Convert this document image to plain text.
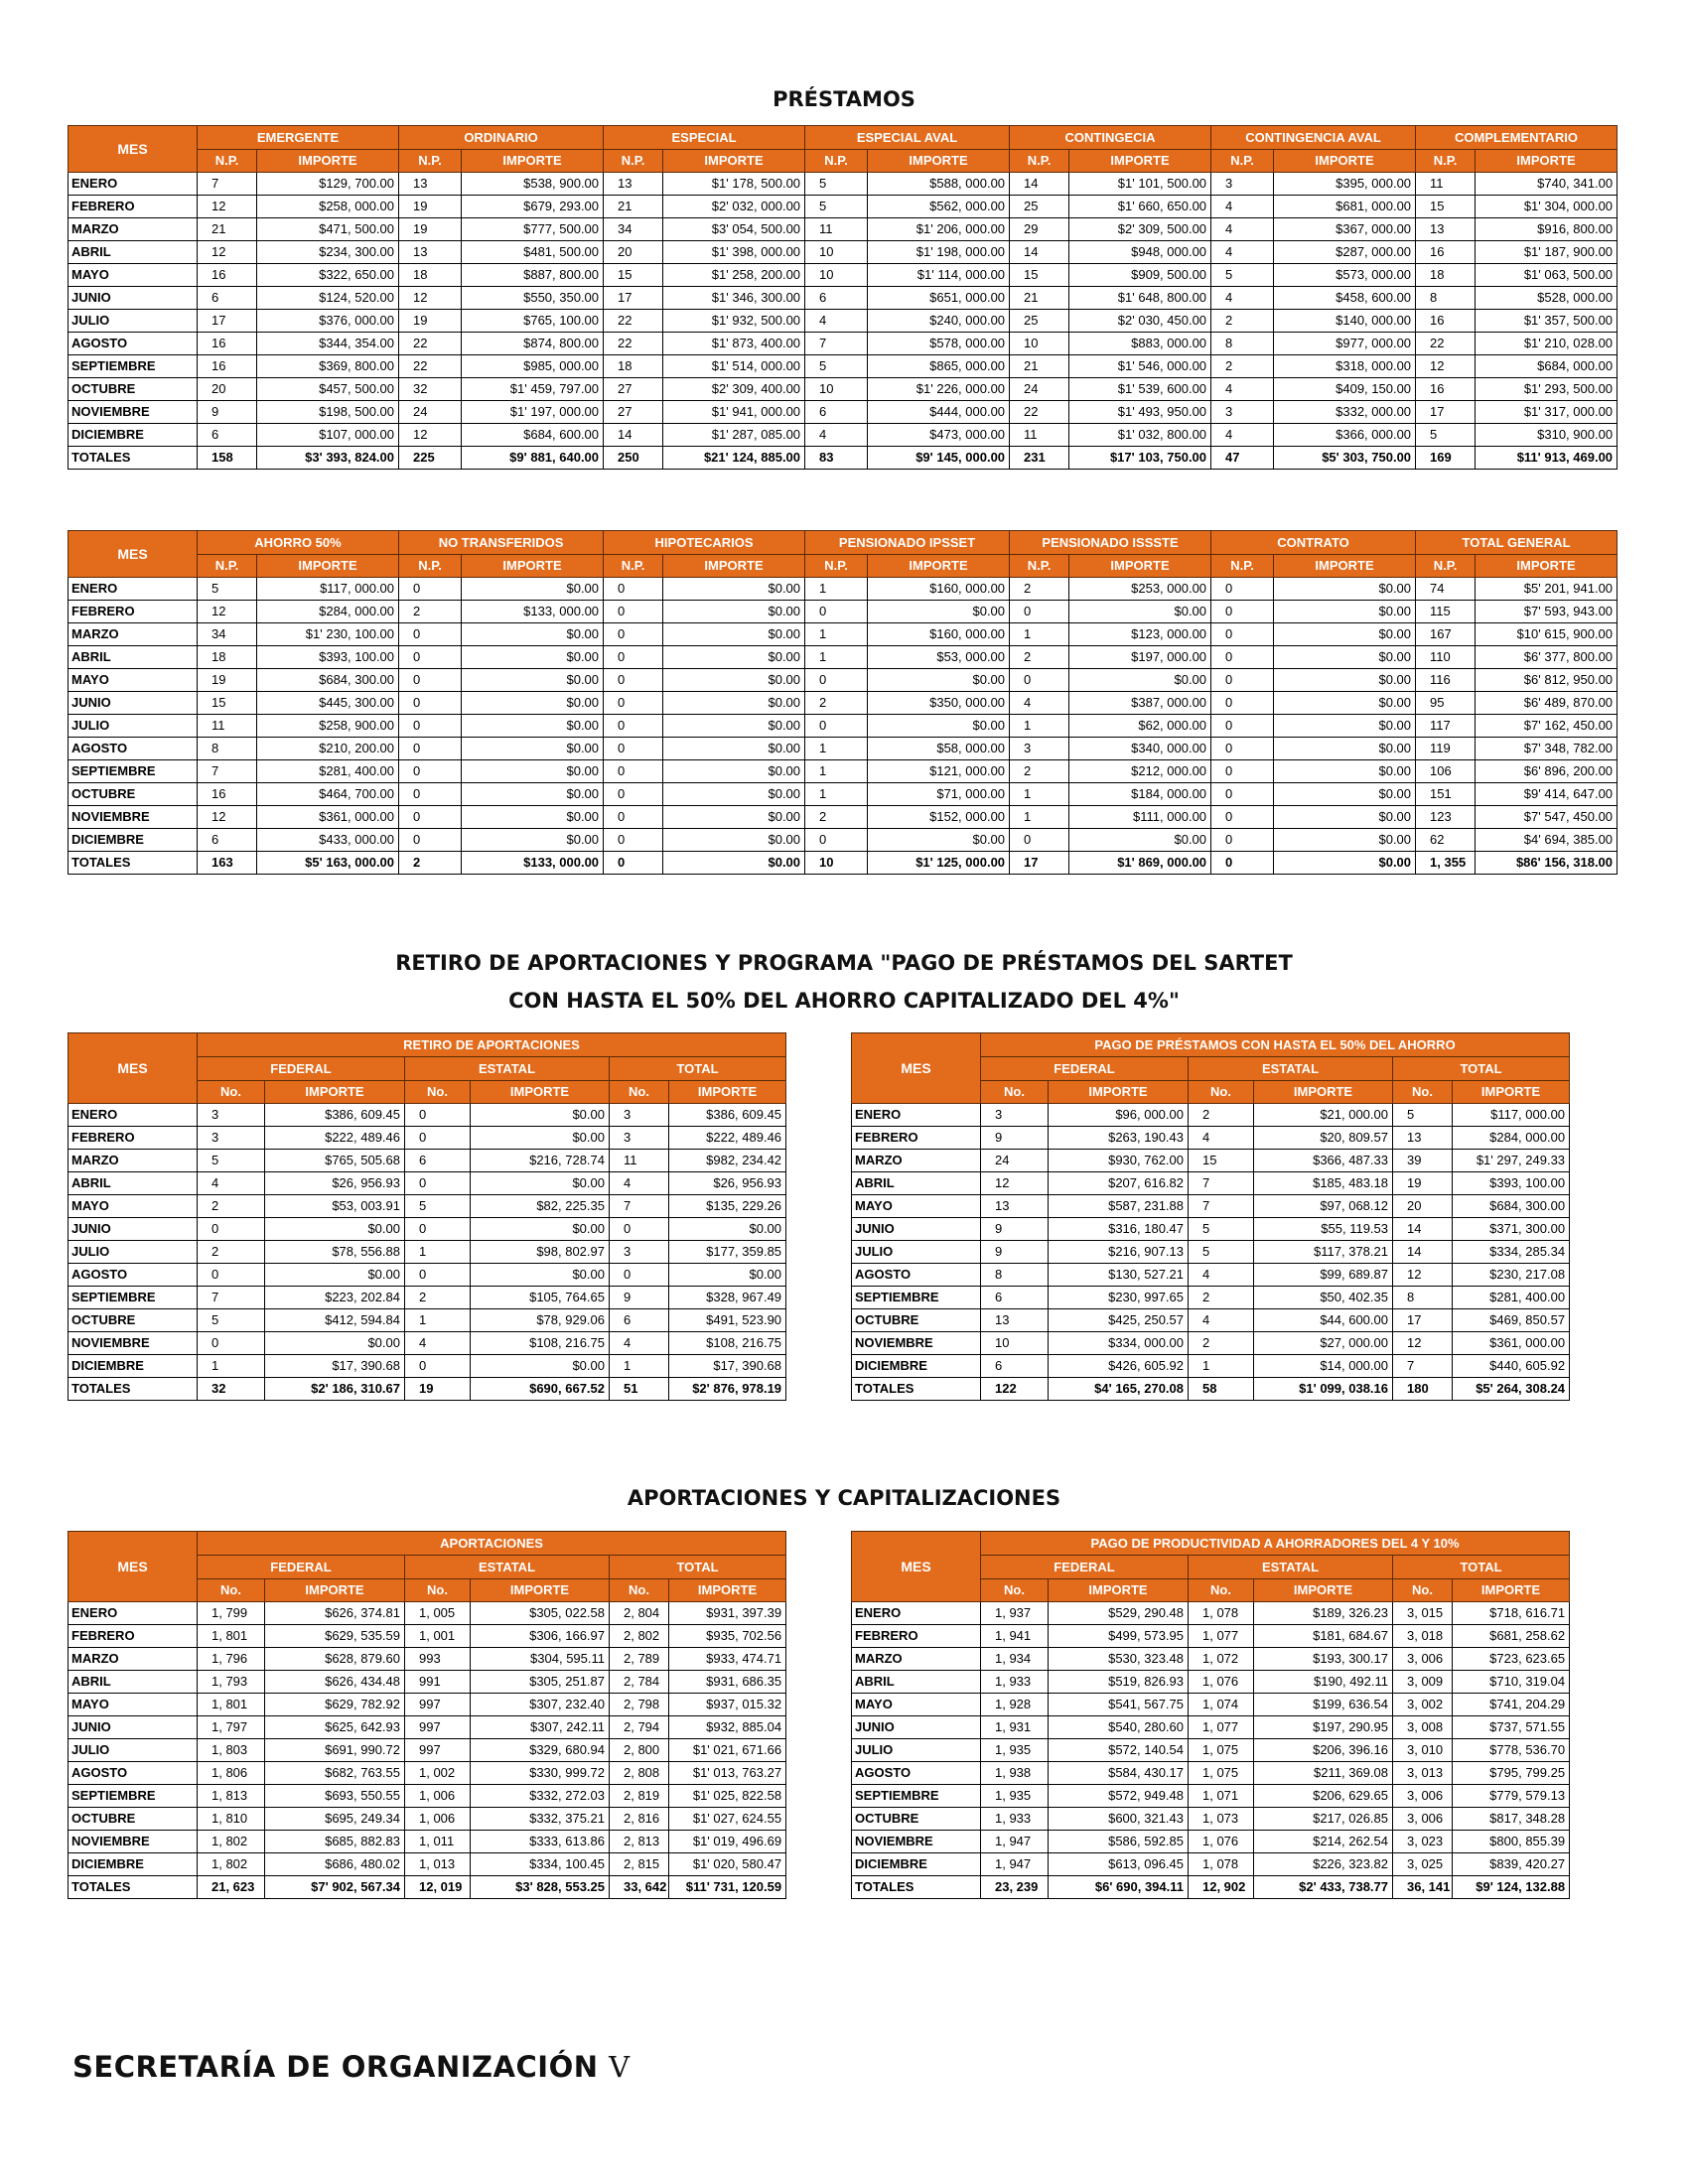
PRÉSTAMOS
RETIRO DE APORTACIONES Y PROGRAMA "PAGO DE PRÉSTAMOS DEL SARTET
CON HASTA EL 50% DEL AHORRO CAPITALIZADO DEL 4%"
APORTACIONES Y CAPITALIZACIONES
MES	EMERGENTE		ORDINARIO		ESPECIAL		ESPECIAL AVAL		CONTINGECIA		CONTINGENCIA AVAL		COMPLEMENTARIO	
	N.P.	IMPORTE	N.P.	IMPORTE	N.P.	IMPORTE	N.P.	IMPORTE	N.P.	IMPORTE	N.P.	IMPORTE	N.P.	IMPORTE
ENERO	7	$129, 700.00	13	$538, 900.00	13	$1' 178, 500.00	5	$588, 000.00	14	$1' 101, 500.00	3	$395, 000.00	11	$740, 341.00
FEBRERO	12	$258, 000.00	19	$679, 293.00	21	$2' 032, 000.00	5	$562, 000.00	25	$1' 660, 650.00	4	$681, 000.00	15	$1' 304, 000.00
MARZO	21	$471, 500.00	19	$777, 500.00	34	$3' 054, 500.00	11	$1' 206, 000.00	29	$2' 309, 500.00	4	$367, 000.00	13	$916, 800.00
ABRIL	12	$234, 300.00	13	$481, 500.00	20	$1' 398, 000.00	10	$1' 198, 000.00	14	$948, 000.00	4	$287, 000.00	16	$1' 187, 900.00
MAYO	16	$322, 650.00	18	$887, 800.00	15	$1' 258, 200.00	10	$1' 114, 000.00	15	$909, 500.00	5	$573, 000.00	18	$1' 063, 500.00
JUNIO	6	$124, 520.00	12	$550, 350.00	17	$1' 346, 300.00	6	$651, 000.00	21	$1' 648, 800.00	4	$458, 600.00	8	$528, 000.00
JULIO	17	$376, 000.00	19	$765, 100.00	22	$1' 932, 500.00	4	$240, 000.00	25	$2' 030, 450.00	2	$140, 000.00	16	$1' 357, 500.00
AGOSTO	16	$344, 354.00	22	$874, 800.00	22	$1' 873, 400.00	7	$578, 000.00	10	$883, 000.00	8	$977, 000.00	22	$1' 210, 028.00
SEPTIEMBRE	16	$369, 800.00	22	$985, 000.00	18	$1' 514, 000.00	5	$865, 000.00	21	$1' 546, 000.00	2	$318, 000.00	12	$684, 000.00
OCTUBRE	20	$457, 500.00	32	$1' 459, 797.00	27	$2' 309, 400.00	10	$1' 226, 000.00	24	$1' 539, 600.00	4	$409, 150.00	16	$1' 293, 500.00
NOVIEMBRE	9	$198, 500.00	24	$1' 197, 000.00	27	$1' 941, 000.00	6	$444, 000.00	22	$1' 493, 950.00	3	$332, 000.00	17	$1' 317, 000.00
DICIEMBRE	6	$107, 000.00	12	$684, 600.00	14	$1' 287, 085.00	4	$473, 000.00	11	$1' 032, 800.00	4	$366, 000.00	5	$310, 900.00
TOTALES	158	$3' 393, 824.00	225	$9' 881, 640.00	250	$21' 124, 885.00	83	$9' 145, 000.00	231	$17' 103, 750.00	47	$5' 303, 750.00	169	$11' 913, 469.00
MES	AHORRO 50%		NO TRANSFERIDOS		HIPOTECARIOS		PENSIONADO IPSSET		PENSIONADO ISSSTE		CONTRATO		TOTAL GENERAL	
	N.P.	IMPORTE	N.P.	IMPORTE	N.P.	IMPORTE	N.P.	IMPORTE	N.P.	IMPORTE	N.P.	IMPORTE	N.P.	IMPORTE
ENERO	5	$117, 000.00	0	$0.00	0	$0.00	1	$160, 000.00	2	$253, 000.00	0	$0.00	74	$5' 201, 941.00
FEBRERO	12	$284, 000.00	2	$133, 000.00	0	$0.00	0	$0.00	0	$0.00	0	$0.00	115	$7' 593, 943.00
MARZO	34	$1' 230, 100.00	0	$0.00	0	$0.00	1	$160, 000.00	1	$123, 000.00	0	$0.00	167	$10' 615, 900.00
ABRIL	18	$393, 100.00	0	$0.00	0	$0.00	1	$53, 000.00	2	$197, 000.00	0	$0.00	110	$6' 377, 800.00
MAYO	19	$684, 300.00	0	$0.00	0	$0.00	0	$0.00	0	$0.00	0	$0.00	116	$6' 812, 950.00
JUNIO	15	$445, 300.00	0	$0.00	0	$0.00	2	$350, 000.00	4	$387, 000.00	0	$0.00	95	$6' 489, 870.00
JULIO	11	$258, 900.00	0	$0.00	0	$0.00	0	$0.00	1	$62, 000.00	0	$0.00	117	$7' 162, 450.00
AGOSTO	8	$210, 200.00	0	$0.00	0	$0.00	1	$58, 000.00	3	$340, 000.00	0	$0.00	119	$7' 348, 782.00
SEPTIEMBRE	7	$281, 400.00	0	$0.00	0	$0.00	1	$121, 000.00	2	$212, 000.00	0	$0.00	106	$6' 896, 200.00
OCTUBRE	16	$464, 700.00	0	$0.00	0	$0.00	1	$71, 000.00	1	$184, 000.00	0	$0.00	151	$9' 414, 647.00
NOVIEMBRE	12	$361, 000.00	0	$0.00	0	$0.00	2	$152, 000.00	1	$111, 000.00	0	$0.00	123	$7' 547, 450.00
DICIEMBRE	6	$433, 000.00	0	$0.00	0	$0.00	0	$0.00	0	$0.00	0	$0.00	62	$4' 694, 385.00
TOTALES	163	$5' 163, 000.00	2	$133, 000.00	0	$0.00	10	$1' 125, 000.00	17	$1' 869, 000.00	0	$0.00	1, 355	$86' 156, 318.00
MES	RETIRO DE APORTACIONES					
	FEDERAL		ESTATAL		TOTAL	
	No.	IMPORTE	No.	IMPORTE	No.	IMPORTE
ENERO	3	$386, 609.45	0	$0.00	3	$386, 609.45
FEBRERO	3	$222, 489.46	0	$0.00	3	$222, 489.46
MARZO	5	$765, 505.68	6	$216, 728.74	11	$982, 234.42
ABRIL	4	$26, 956.93	0	$0.00	4	$26, 956.93
MAYO	2	$53, 003.91	5	$82, 225.35	7	$135, 229.26
JUNIO	0	$0.00	0	$0.00	0	$0.00
JULIO	2	$78, 556.88	1	$98, 802.97	3	$177, 359.85
AGOSTO	0	$0.00	0	$0.00	0	$0.00
SEPTIEMBRE	7	$223, 202.84	2	$105, 764.65	9	$328, 967.49
OCTUBRE	5	$412, 594.84	1	$78, 929.06	6	$491, 523.90
NOVIEMBRE	0	$0.00	4	$108, 216.75	4	$108, 216.75
DICIEMBRE	1	$17, 390.68	0	$0.00	1	$17, 390.68
TOTALES	32	$2' 186, 310.67	19	$690, 667.52	51	$2' 876, 978.19
MES	PAGO DE PRÉSTAMOS CON HASTA EL 50% DEL AHORRO					
	FEDERAL		ESTATAL		TOTAL	
	No.	IMPORTE	No.	IMPORTE	No.	IMPORTE
ENERO	3	$96, 000.00	2	$21, 000.00	5	$117, 000.00
FEBRERO	9	$263, 190.43	4	$20, 809.57	13	$284, 000.00
MARZO	24	$930, 762.00	15	$366, 487.33	39	$1' 297, 249.33
ABRIL	12	$207, 616.82	7	$185, 483.18	19	$393, 100.00
MAYO	13	$587, 231.88	7	$97, 068.12	20	$684, 300.00
JUNIO	9	$316, 180.47	5	$55, 119.53	14	$371, 300.00
JULIO	9	$216, 907.13	5	$117, 378.21	14	$334, 285.34
AGOSTO	8	$130, 527.21	4	$99, 689.87	12	$230, 217.08
SEPTIEMBRE	6	$230, 997.65	2	$50, 402.35	8	$281, 400.00
OCTUBRE	13	$425, 250.57	4	$44, 600.00	17	$469, 850.57
NOVIEMBRE	10	$334, 000.00	2	$27, 000.00	12	$361, 000.00
DICIEMBRE	6	$426, 605.92	1	$14, 000.00	7	$440, 605.92
TOTALES	122	$4' 165, 270.08	58	$1' 099, 038.16	180	$5' 264, 308.24
MES	APORTACIONES					
	FEDERAL		ESTATAL		TOTAL	
	No.	IMPORTE	No.	IMPORTE	No.	IMPORTE
ENERO	1, 799	$626, 374.81	1, 005	$305, 022.58	2, 804	$931, 397.39
FEBRERO	1, 801	$629, 535.59	1, 001	$306, 166.97	2, 802	$935, 702.56
MARZO	1, 796	$628, 879.60	993	$304, 595.11	2, 789	$933, 474.71
ABRIL	1, 793	$626, 434.48	991	$305, 251.87	2, 784	$931, 686.35
MAYO	1, 801	$629, 782.92	997	$307, 232.40	2, 798	$937, 015.32
JUNIO	1, 797	$625, 642.93	997	$307, 242.11	2, 794	$932, 885.04
JULIO	1, 803	$691, 990.72	997	$329, 680.94	2, 800	$1' 021, 671.66
AGOSTO	1, 806	$682, 763.55	1, 002	$330, 999.72	2, 808	$1' 013, 763.27
SEPTIEMBRE	1, 813	$693, 550.55	1, 006	$332, 272.03	2, 819	$1' 025, 822.58
OCTUBRE	1, 810	$695, 249.34	1, 006	$332, 375.21	2, 816	$1' 027, 624.55
NOVIEMBRE	1, 802	$685, 882.83	1, 011	$333, 613.86	2, 813	$1' 019, 496.69
DICIEMBRE	1, 802	$686, 480.02	1, 013	$334, 100.45	2, 815	$1' 020, 580.47
TOTALES	21, 623	$7' 902, 567.34	12, 019	$3' 828, 553.25	33, 642	$11' 731, 120.59
MES	PAGO DE PRODUCTIVIDAD A AHORRADORES DEL 4 Y 10%					
	FEDERAL		ESTATAL		TOTAL	
	No.	IMPORTE	No.	IMPORTE	No.	IMPORTE
ENERO	1, 937	$529, 290.48	1, 078	$189, 326.23	3, 015	$718, 616.71
FEBRERO	1, 941	$499, 573.95	1, 077	$181, 684.67	3, 018	$681, 258.62
MARZO	1, 934	$530, 323.48	1, 072	$193, 300.17	3, 006	$723, 623.65
ABRIL	1, 933	$519, 826.93	1, 076	$190, 492.11	3, 009	$710, 319.04
MAYO	1, 928	$541, 567.75	1, 074	$199, 636.54	3, 002	$741, 204.29
JUNIO	1, 931	$540, 280.60	1, 077	$197, 290.95	3, 008	$737, 571.55
JULIO	1, 935	$572, 140.54	1, 075	$206, 396.16	3, 010	$778, 536.70
AGOSTO	1, 938	$584, 430.17	1, 075	$211, 369.08	3, 013	$795, 799.25
SEPTIEMBRE	1, 935	$572, 949.48	1, 071	$206, 629.65	3, 006	$779, 579.13
OCTUBRE	1, 933	$600, 321.43	1, 073	$217, 026.85	3, 006	$817, 348.28
NOVIEMBRE	1, 947	$586, 592.85	1, 076	$214, 262.54	3, 023	$800, 855.39
DICIEMBRE	1, 947	$613, 096.45	1, 078	$226, 323.82	3, 025	$839, 420.27
TOTALES	23, 239	$6' 690, 394.11	12, 902	$2' 433, 738.77	36, 141	$9' 124, 132.88
SECRETARÍA DE ORGANIZACIÓN V
